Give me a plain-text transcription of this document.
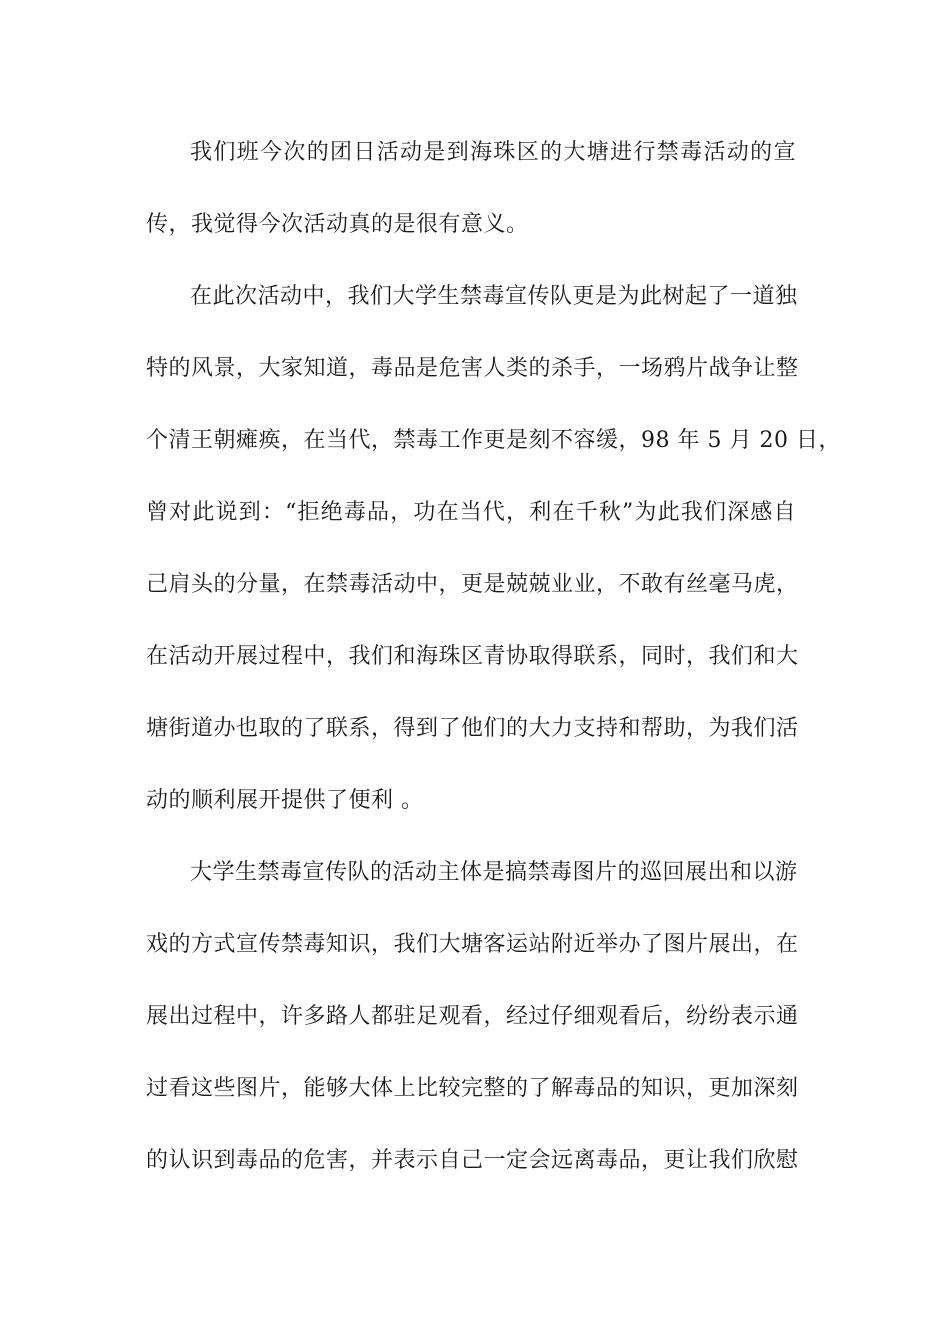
我们班今次的团日活动是到海珠区的大塘进行禁毒活动的宣
传，我觉得今次活动真的是很有意义。
在此次活动中，我们大学生禁毒宣传队更是为此树起了一道独
特的风景，大家知道，毒品是危害人类的杀手，一场鸦片战争让整
个清王朝瘫痪，在当代，禁毒工作更是刻不容缓，98 年 5 月 20 日，
曾对此说到：“拒绝毒品，功在当代，利在千秋”为此我们深感自
己肩头的分量，在禁毒活动中，更是兢兢业业，不敢有丝毫马虎，
在活动开展过程中，我们和海珠区青协取得联系，同时，我们和大
塘街道办也取的了联系，得到了他们的大力支持和帮助，为我们活
动的顺利展开提供了便利 。
大学生禁毒宣传队的活动主体是搞禁毒图片的巡回展出和以游
戏的方式宣传禁毒知识，我们大塘客运站附近举办了图片展出，在
展出过程中，许多路人都驻足观看，经过仔细观看后，纷纷表示通
过看这些图片，能够大体上比较完整的了解毒品的知识，更加深刻
的认识到毒品的危害，并表示自己一定会远离毒品，更让我们欣慰
